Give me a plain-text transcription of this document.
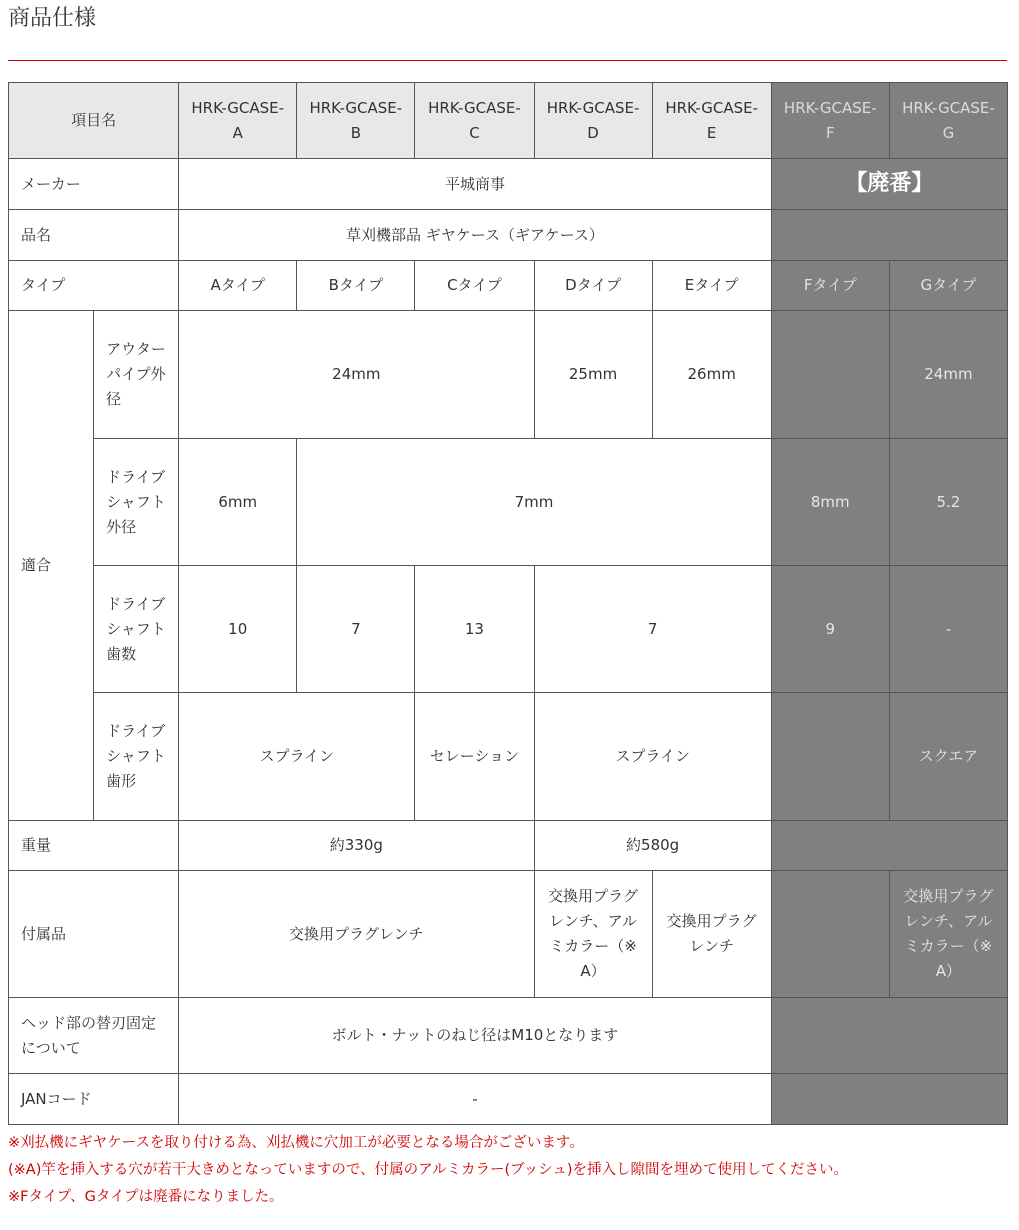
商品仕様
項目名		HRK-GCASE-A	HRK-GCASE-B	HRK-GCASE-C	HRK-GCASE-D	HRK-GCASE-E	HRK-GCASE-F	HRK-GCASE-G
メーカー		平城商事					【廃番】	
品名		草刈機部品 ギヤケース（ギアケース）						
タイプ		Aタイプ	Bタイプ	Cタイプ	Dタイプ	Eタイプ	Fタイプ	Gタイプ
適合	アウターパイプ外径	24mm			25mm	26mm		24mm
	ドライブシャフト外径	6mm	7mm				8mm	5.2
	ドライブシャフト歯数	10	7	13	7		9	-
	ドライブシャフト歯形	スプライン		セレーション	スプライン			スクエア
重量		約330g			約580g			
付属品		交換用プラグレンチ			交換用プラグレンチ、アルミカラー（※A）	交換用プラグレンチ		交換用プラグレンチ、アルミカラー（※A）
ヘッド部の替刃固定について		ボルト・ナットのねじ径はM10となります						
JANコード		-						
※刈払機にギヤケースを取り付ける為、刈払機に穴加工が必要となる場合がございます。
(※A)竿を挿入する穴が若干大きめとなっていますので、付属のアルミカラー(ブッシュ)を挿入し隙間を埋めて使用してください。
※Fタイプ、Gタイプは廃番になりました。
